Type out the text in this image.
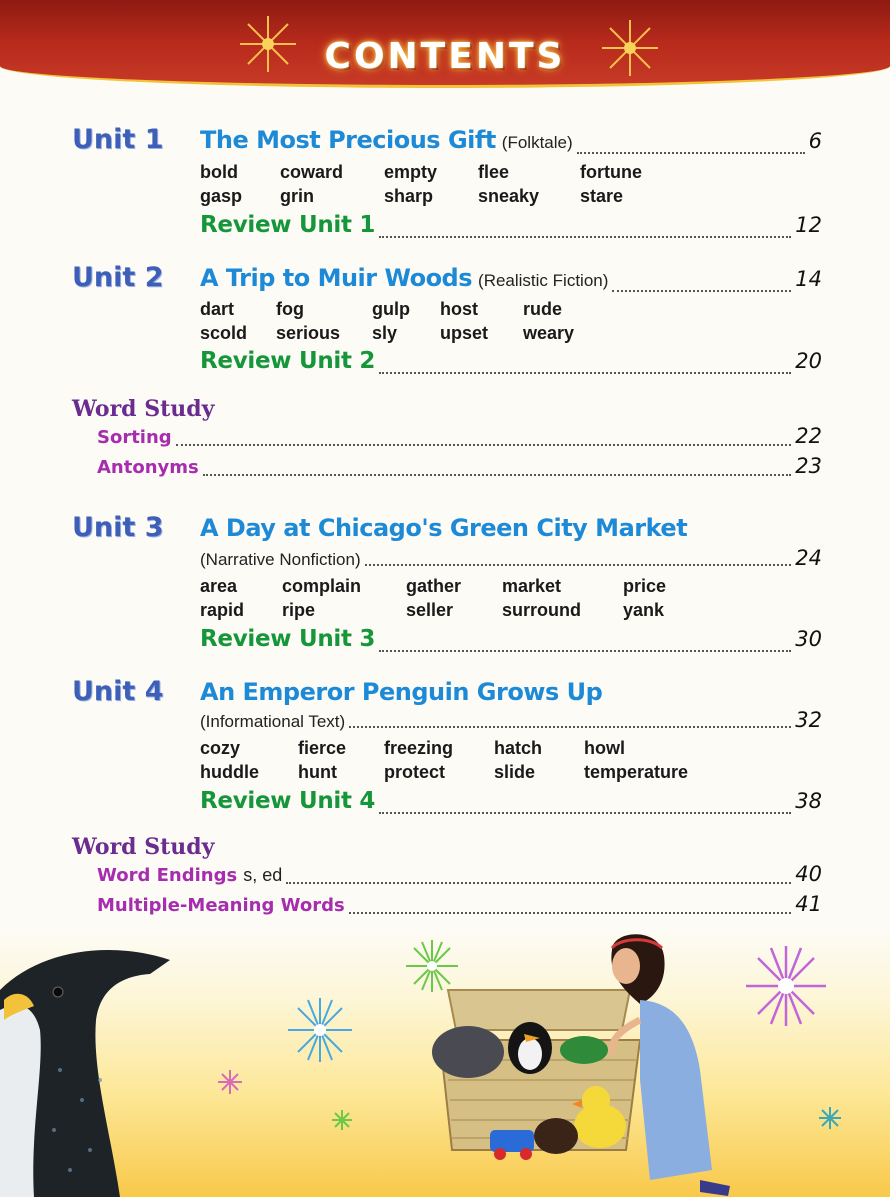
CONTENTS
Unit 1 The Most Precious Gift (Folktale)	6
bold coward empty flee	fortune
gasp grin	sharp sneaky stare
Review Unit 1	12
Unit 2 A Trip to Muir Woods (Realistic Fiction)	14
dart fog	gulp host	rude
scold serious sly upset weary
Review Unit 2	20
Word Study
Sorting	22
Antonyms	23
Unit 3 A Day at Chicago's Green City Market
(Narrative Nonfiction)	24
area complain gather market	price
rapid ripe	seller	surround yank
Review Unit 3	30
Unit 4 An Emperor Penguin Grows Up
(Informational Text)	32
cozy	fierce freezing hatch howl
huddle hunt	protect	slide	temperature
Review Unit 4	38
Word Study
Word Endings s, ed	40
Multiple-Meaning Words	41
